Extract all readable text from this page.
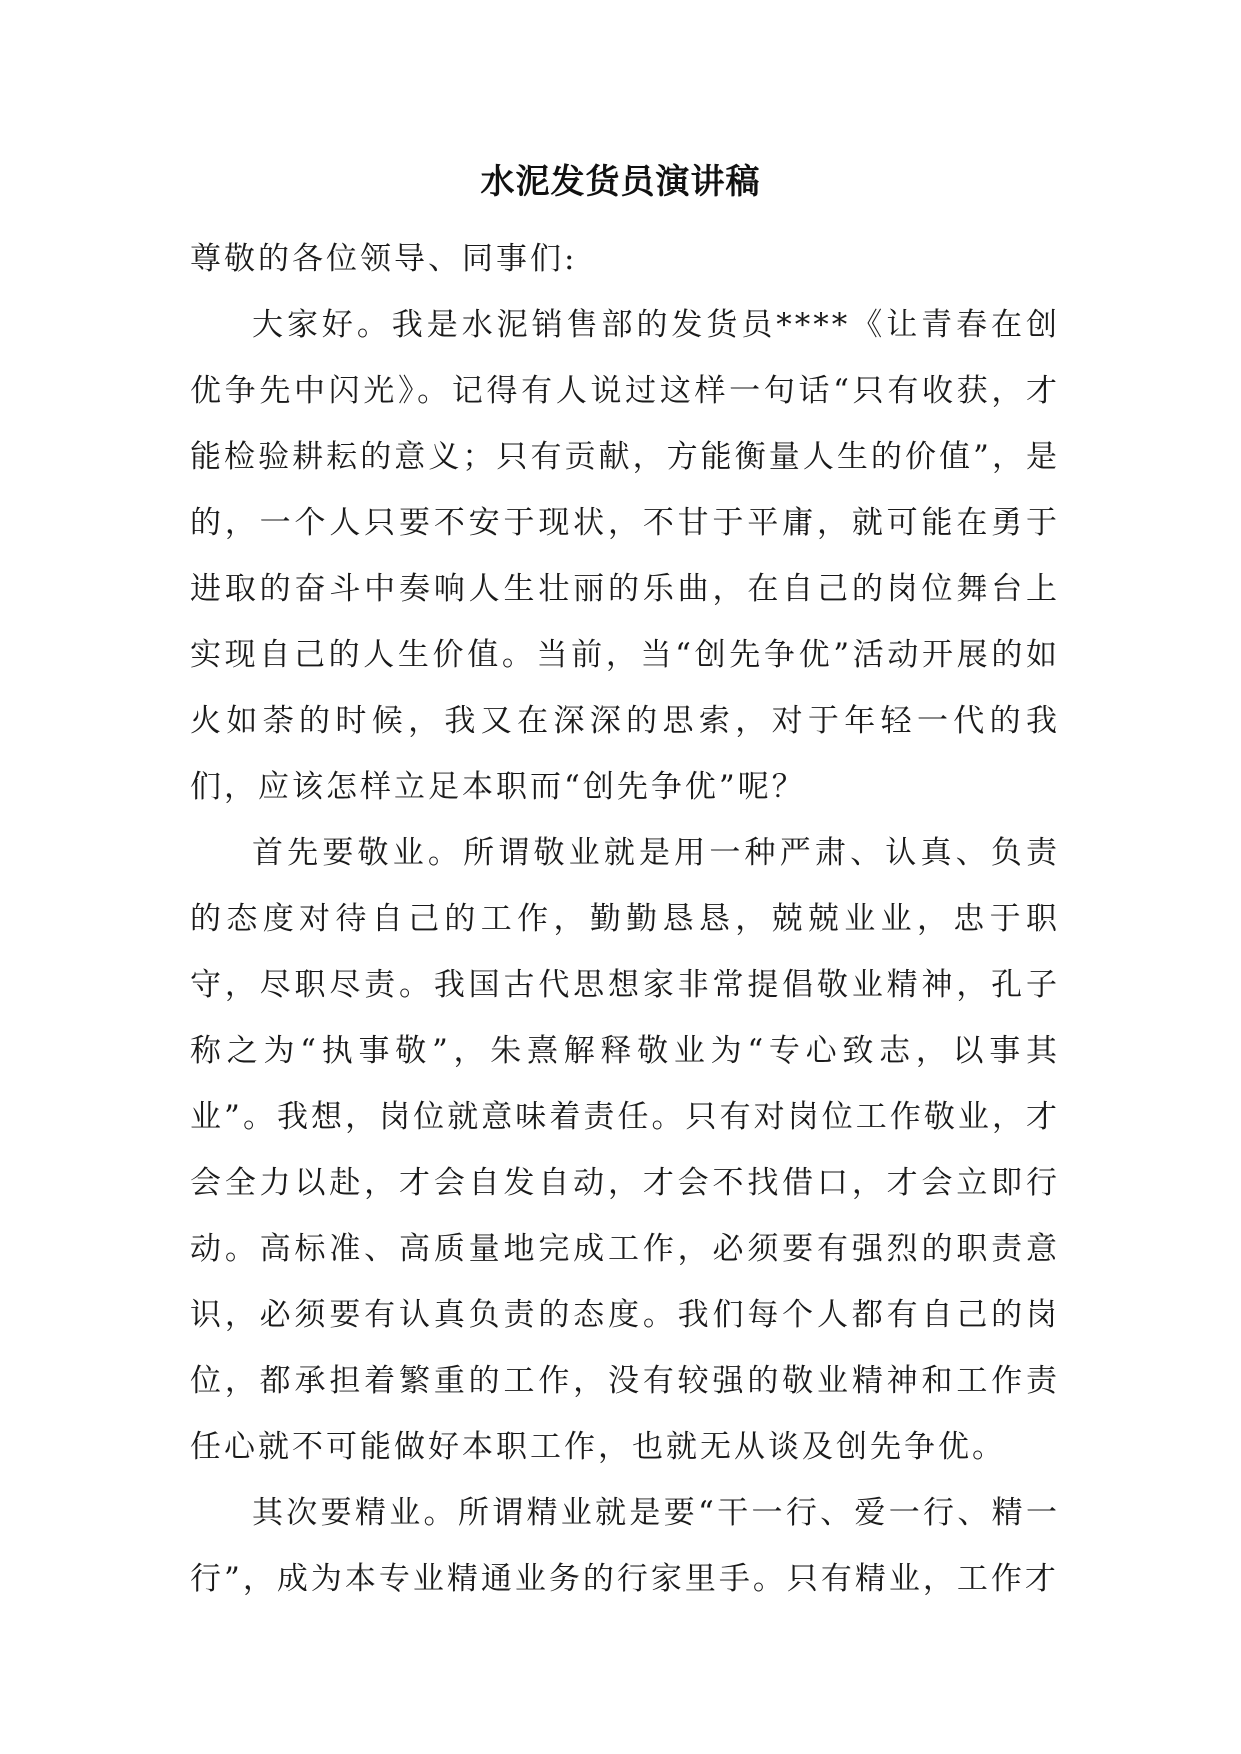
水泥发货员演讲稿

尊敬的各位领导、同事们:

大家好。我是水泥销售部的发货员****《让青春在创优争先中闪光》。记得有人说过这样一句话“只有收获，才能检验耕耘的意义；只有贡献，方能衡量人生的价值”，是的，一个人只要不安于现状，不甘于平庸，就可能在勇于进取的奋斗中奏响人生壮丽的乐曲，在自己的岗位舞台上实现自己的人生价值。当前，当“创先争优”活动开展的如火如荼的时候，我又在深深的思索，对于年轻一代的我们，应该怎样立足本职而“创先争优”呢？

首先要敬业。所谓敬业就是用一种严肃、认真、负责的态度对待自己的工作，勤勤恳恳，兢兢业业，忠于职守，尽职尽责。我国古代思想家非常提倡敬业精神，孔子称之为“执事敬”，朱熹解释敬业为“专心致志，以事其业”。我想，岗位就意味着责任。只有对岗位工作敬业，才会全力以赴，才会自发自动，才会不找借口，才会立即行动。高标准、高质量地完成工作，必须要有强烈的职责意识，必须要有认真负责的态度。我们每个人都有自己的岗位，都承担着繁重的工作，没有较强的敬业精神和工作责任心就不可能做好本职工作，也就无从谈及创先争优。

其次要精业。所谓精业就是要“干一行、爱一行、精一行”，成为本专业精通业务的行家里手。只有精业，工作才
